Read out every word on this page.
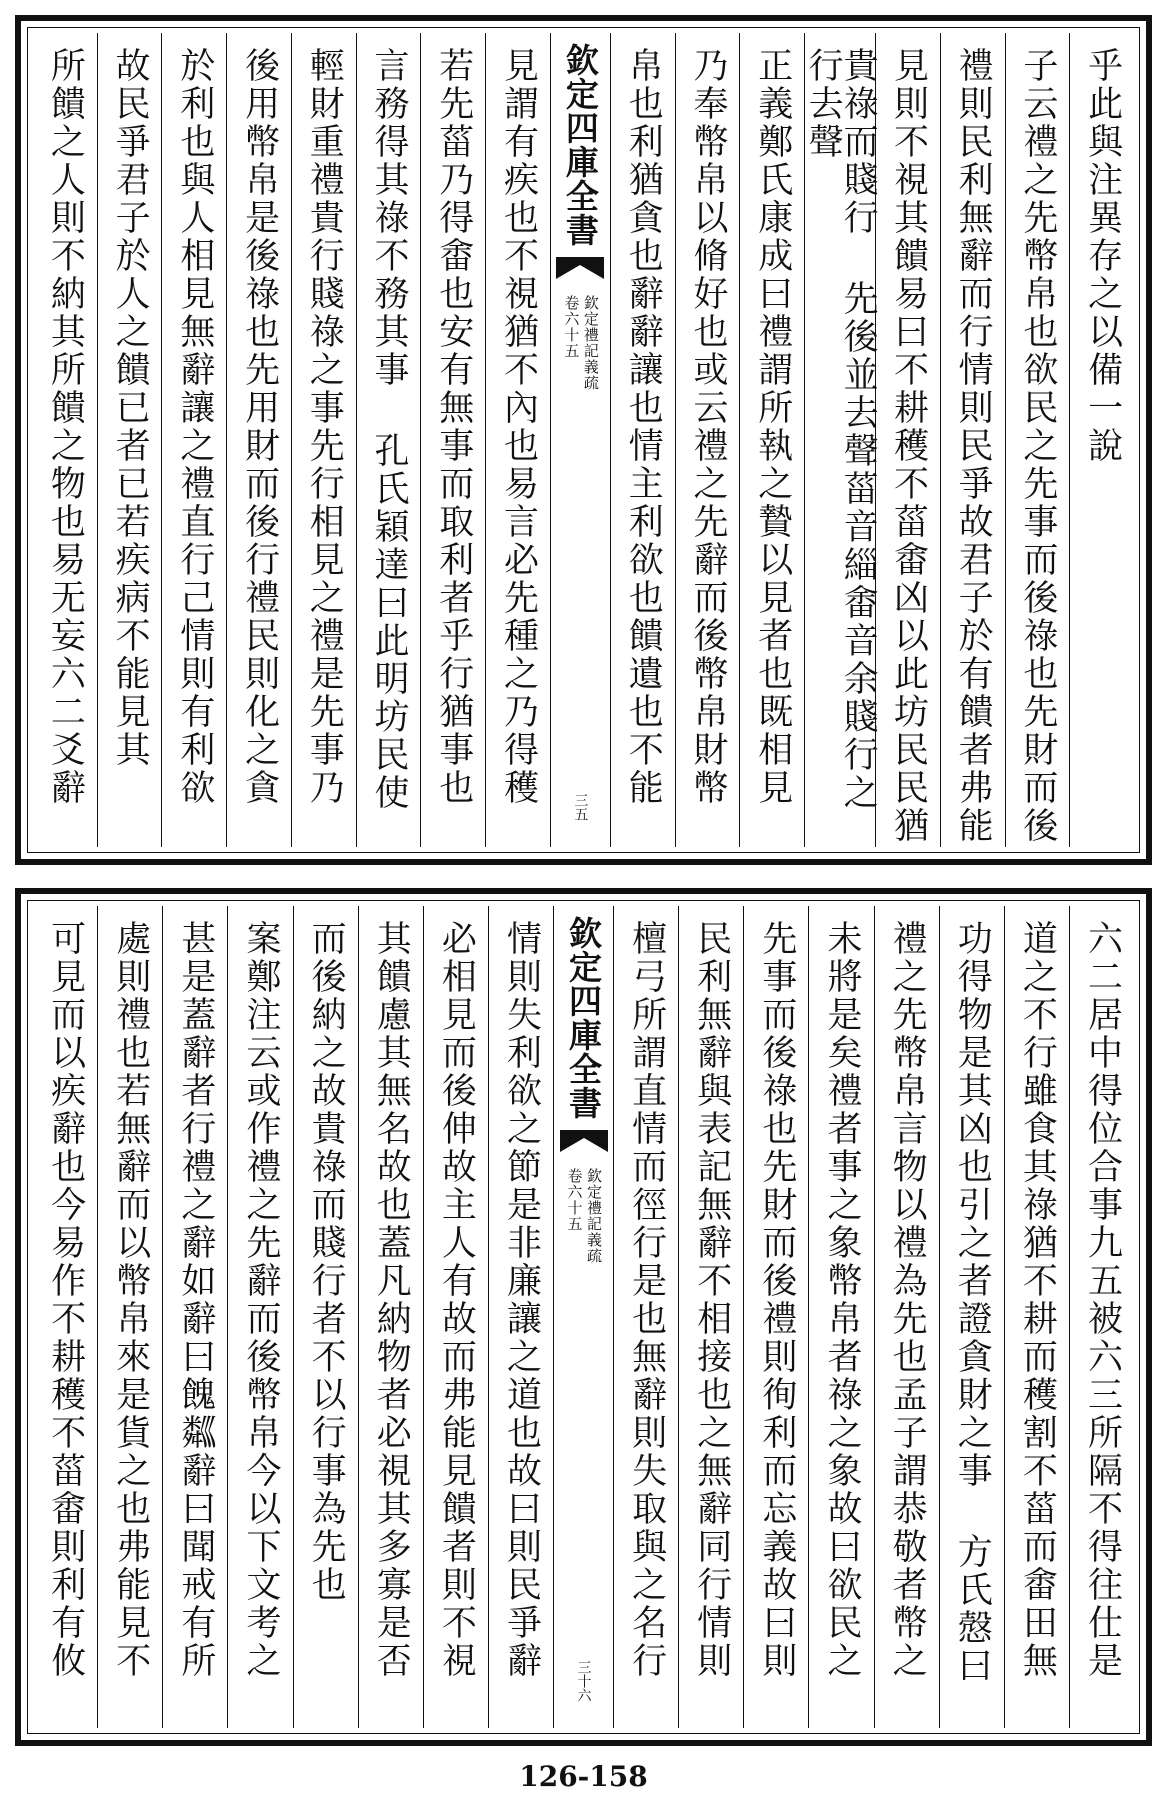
乎此與注異存之以備一說
子云禮之先幣帛也欲民之先事而後祿也先財而後
禮則民利無辭而行情則民爭故君子於有饋者弗能
見則不視其饋易曰不耕穫不菑畬凶以此坊民民猶
貴祿而賤行 先後並去聲菑音緇畬音余賤行之行去聲
正義鄭氏康成曰禮謂所執之贄以見者也既相見
乃奉幣帛以脩好也或云禮之先辭而後幣帛財幣
帛也利猶貪也辭辭讓也情主利欲也饋遺也不能
欽定四庫全書
欽定禮記義疏
卷六十五
三五
見謂有疾也不視猶不內也易言必先種之乃得穫
若先菑乃得畬也安有無事而取利者乎行猶事也
言務得其祿不務其事 孔氏穎達曰此明坊民使
輕財重禮貴行賤祿之事先行相見之禮是先事乃
後用幣帛是後祿也先用財而後行禮民則化之貪
於利也與人相見無辭讓之禮直行己情則有利欲
故民爭君子於人之饋已者已若疾病不能見其
所饋之人則不納其所饋之物也易无妄六二爻辭
六二居中得位合事九五被六三所隔不得往仕是
道之不行雖食其祿猶不耕而穫割不菑而畬田無
功得物是其凶也引之者證貪財之事 方氏慤曰
禮之先幣帛言物以禮為先也孟子謂恭敬者幣之
未將是矣禮者事之象幣帛者祿之象故曰欲民之
先事而後祿也先財而後禮則徇利而忘義故曰則
民利無辭與表記無辭不相接也之無辭同行情則
檀弓所謂直情而徑行是也無辭則失取與之名行
欽定四庫全書
欽定禮記義疏
卷六十五
三十六
情則失利欲之節是非廉讓之道也故曰則民爭辭
必相見而後伸故主人有故而弗能見饋者則不視
其饋慮其無名故也蓋凡納物者必視其多寡是否
而後納之故貴祿而賤行者不以行事為先也
案鄭注云或作禮之先辭而後幣帛今以下文考之
甚是蓋辭者行禮之辭如辭曰餽𥻘辭曰聞戒有所
處則禮也若無辭而以幣帛來是貨之也弗能見不
可見而以疾辭也今易作不耕穫不菑畬則利有攸
126-158
